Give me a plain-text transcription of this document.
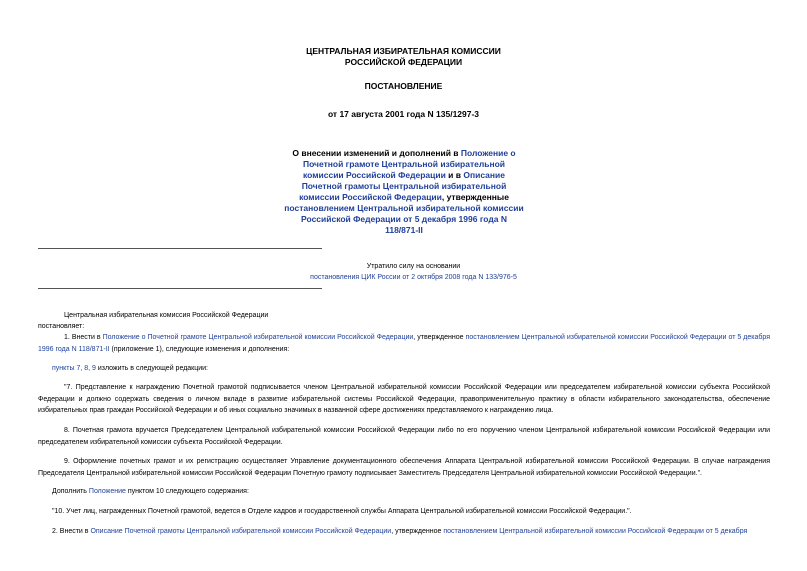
ЦЕНТРАЛЬНАЯ ИЗБИРАТЕЛЬНАЯ КОМИССИИ
РОССИЙСКОЙ ФЕДЕРАЦИИ
ПОСТАНОВЛЕНИЕ
от 17 августа 2001 года N 135/1297-3
О внесении изменений и дополнений в Положение о Почетной грамоте Центральной избирательной комиссии Российской Федерации и в Описание Почетной грамоты Центральной избирательной комиссии Российской Федерации, утвержденные постановлением Центральной избирательной комиссии Российской Федерации от 5 декабря 1996 года N 118/871-II
Утратило силу на основании
постановления ЦИК России от 2 октября 2008 года N 133/976-5
Центральная избирательная комиссия Российской Федерации
постановляет:
1. Внести в Положение о Почетной грамоте Центральной избирательной комиссии Российской Федерации, утвержденное постановлением Центральной избирательной комиссии Российской Федерации от 5 декабря 1996 года N 118/871-II (приложение 1), следующие изменения и дополнения:
пункты 7, 8, 9 изложить в следующей редакции:
"7. Представление к награждению Почетной грамотой подписывается членом Центральной избирательной комиссии Российской Федерации или председателем избирательной комиссии субъекта Российской Федерации и должно содержать сведения о личном вкладе в развитие избирательной системы Российской Федерации, правоприменительную практику в области избирательного законодательства, обеспечение избирательных прав граждан Российской Федерации и об иных социально значимых в названной сфере достижениях представляемого к награждению лица.
8. Почетная грамота вручается Председателем Центральной избирательной комиссии Российской Федерации либо по его поручению членом Центральной избирательной комиссии Российской Федерации или председателем избирательной комиссии субъекта Российской Федерации.
9. Оформление почетных грамот и их регистрацию осуществляет Управление документационного обеспечения Аппарата Центральной избирательной комиссии Российской Федерации. В случае награждения Председателя Центральной избирательной комиссии Российской Федерации Почетную грамоту подписывает Заместитель Председателя Центральной избирательной комиссии Российской Федерации.".
Дополнить Положение пунктом 10 следующего содержания:
"10. Учет лиц, награжденных Почетной грамотой, ведется в Отделе кадров и государственной службы Аппарата Центральной избирательной комиссии Российской Федерации.".
2. Внести в Описание Почетной грамоты Центральной избирательной комиссии Российской Федерации, утвержденное постановлением Центральной избирательной комиссии Российской Федерации от 5 декабря
